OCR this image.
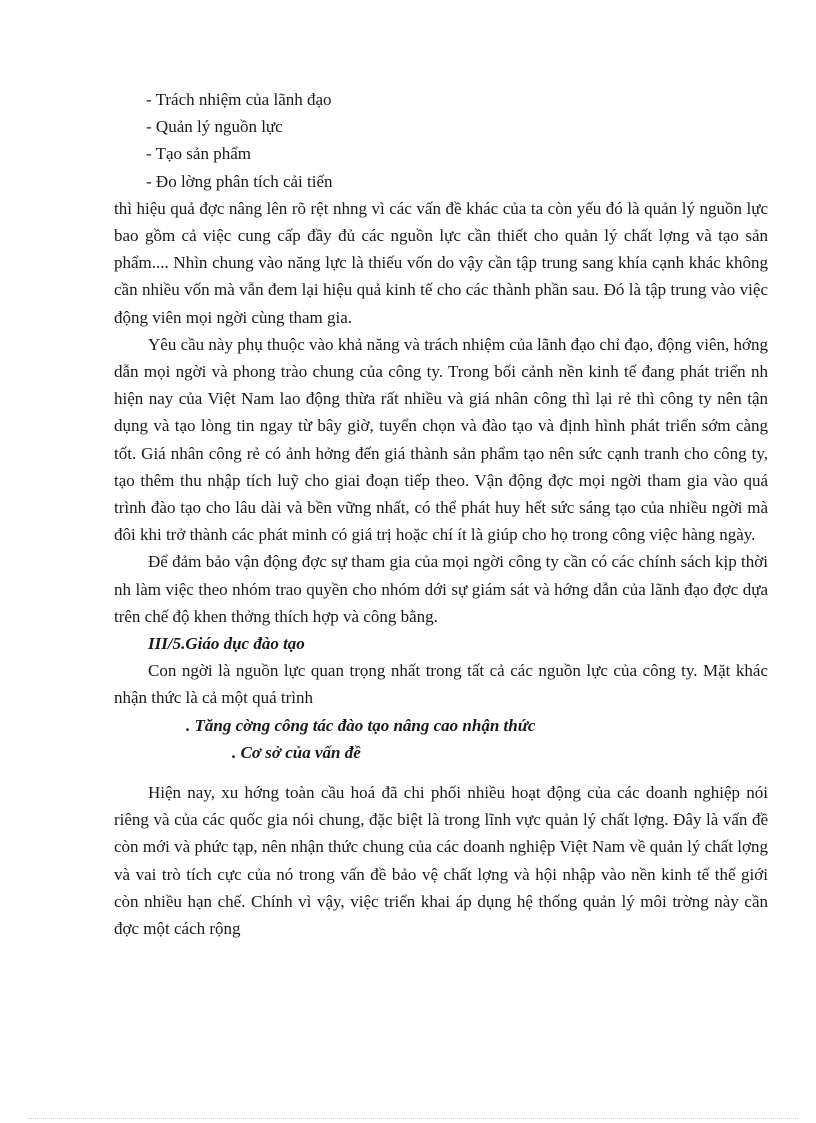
- Trách nhiệm của lãnh đạo

- Quản lý nguồn lực

- Tạo sản phẩm

- Đo lờng phân tích cải tiến

thì hiệu quả đợc nâng lên rõ rệt nhng vì các vấn đề khác của ta còn yếu đó là quản lý nguồn lực bao gồm cả việc cung cấp đầy đủ các nguồn lực cần thiết cho quản lý chất lợng và tạo sản phẩm.... Nhìn chung vào năng lực là thiếu vốn do vậy cần tập trung sang khía cạnh khác không cần nhiều vốn mà vẫn đem lại hiệu quả kinh tế cho các thành phần sau. Đó là tập trung vào việc động viên mọi ngời cùng tham gia.

Yêu cầu này phụ thuộc vào khả năng và trách nhiệm của lãnh đạo chỉ đạo, động viên, hớng dẫn mọi ngời và phong trào chung của công ty. Trong bối cảnh nền kinh tế đang phát triển nh hiện nay của Việt Nam lao động thừa rất nhiều và giá nhân công thì lại rẻ thì công ty nên tận dụng và tạo lòng tin ngay từ bây giờ, tuyển chọn và đào tạo và định hình phát triển sớm càng tốt. Giá nhân công rẻ có ảnh hởng đến giá thành sản phẩm tạo nên sức cạnh tranh cho công ty, tạo thêm thu nhập tích luỹ cho giai đoạn tiếp theo. Vận động đợc mọi ngời tham gia vào quá trình đào tạo cho lâu dài và bền vững nhất, có thể phát huy hết sức sáng tạo của nhiều ngời mà đôi khi trở thành các phát minh có giá trị hoặc chí ít là giúp cho họ trong công việc hàng ngày.

Để đảm bảo vận động đợc sự tham gia của mọi ngời công ty cần có các chính sách kịp thời nh làm việc theo nhóm trao quyền cho nhóm dới sự giám sát và hớng dẫn của lãnh đạo đợc dựa trên chế độ khen thởng thích hợp và công bằng.

III/5.Giáo dục đào tạo

Con ngời là nguồn lực quan trọng nhất trong tất cả các nguồn lực của công ty. Mặt khác nhận thức là cả một quá trình

. Tăng cờng công tác đào tạo nâng cao nhận thức

. Cơ sở của vấn đề

Hiện nay, xu hớng toàn cầu hoá đã chi phối nhiều hoạt động của các doanh nghiệp nói riêng và của các quốc gia nói chung, đặc biệt là trong lĩnh vực quản lý chất lợng. Đây là vấn đề còn mới và phức tạp, nên nhận thức chung của các doanh nghiệp Việt Nam về quản lý chất lợng và vai trò tích cực của nó trong vấn đề bảo vệ chất lợng và hội nhập vào nền kinh tế thế giới còn nhiều hạn chế. Chính vì vậy, việc triển khai áp dụng hệ thống quản lý môi trờng này cần đợc một cách rộng
